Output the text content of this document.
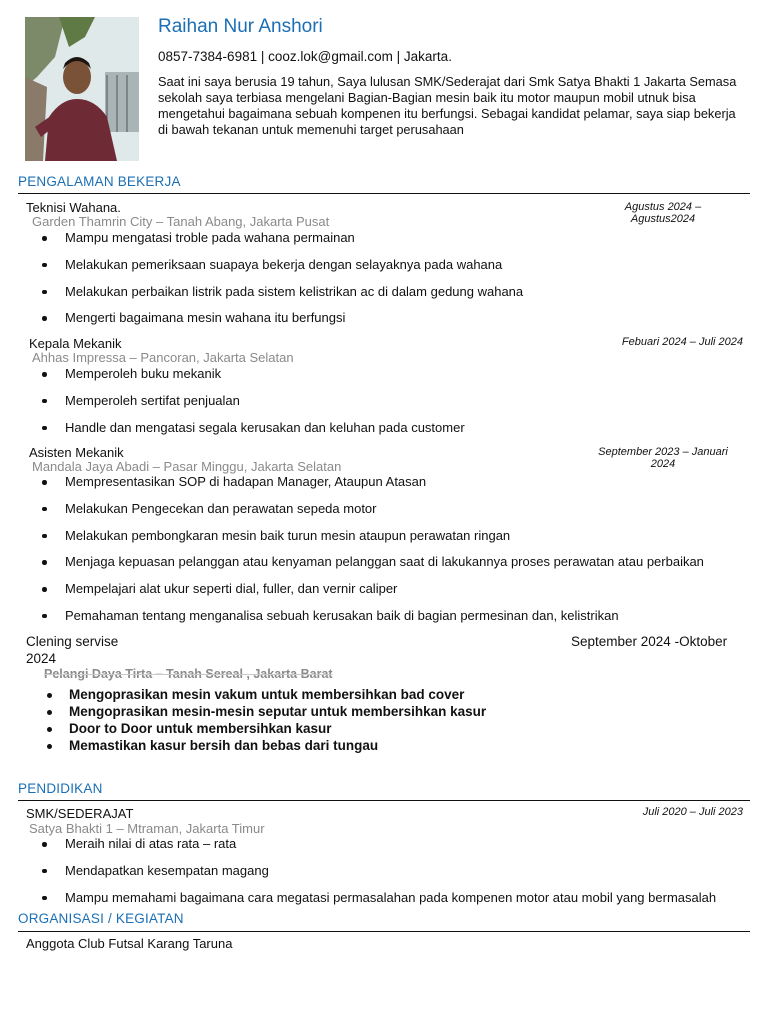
Raihan Nur Anshori
0857-7384-6981 | cooz.lok@gmail.com | Jakarta.
Saat ini saya berusia 19 tahun, Saya lulusan SMK/Sederajat dari Smk Satya Bhakti 1 Jakarta Semasa sekolah saya terbiasa mengelani Bagian-Bagian mesin baik itu motor maupun mobil utnuk bisa mengetahui bagaimana sebuah kompenen itu berfungsi. Sebagai kandidat pelamar, saya siap bekerja di bawah tekanan untuk memenuhi target perusahaan
PENGALAMAN BEKERJA
Teknisi Wahana.	Agustus 2024 –
Agustus2024
Garden Thamrin City – Tanah Abang, Jakarta Pusat
Mampu mengatasi troble pada wahana permainan
Melakukan pemeriksaan suapaya bekerja dengan selayaknya pada wahana
Melakukan perbaikan listrik pada sistem kelistrikan ac di dalam gedung wahana
Mengerti bagaimana mesin wahana itu berfungsi
Kepala Mekanik	Febuari 2024 – Juli 2024
Ahhas Impressa – Pancoran, Jakarta Selatan
Memperoleh buku mekanik
Memperoleh sertifat penjualan
Handle dan mengatasi segala kerusakan dan keluhan pada customer
Asisten Mekanik	September 2023 – Januari
2024
Mandala Jaya Abadi – Pasar Minggu, Jakarta Selatan
Mempresentasikan SOP di hadapan Manager, Ataupun Atasan
Melakukan Pengecekan dan perawatan sepeda motor
Melakukan pembongkaran mesin baik turun mesin ataupun perawatan ringan
Menjaga kepuasan pelanggan atau kenyaman pelanggan saat di lakukannya proses perawatan atau perbaikan
Mempelajari alat ukur seperti dial, fuller, dan vernir caliper
Pemahaman tentang menganalisa sebuah kerusakan baik di bagian permesinan dan, kelistrikan
Clening servise	September 2024 -Oktober
2024
Pelangi Daya Tirta – Tanah Sereal , Jakarta Barat
Mengoprasikan mesin vakum untuk membersihkan bad cover
Mengoprasikan mesin-mesin seputar untuk membersihkan kasur
Door to Door untuk membersihkan kasur
Memastikan kasur bersih dan bebas dari tungau
PENDIDIKAN
SMK/SEDERAJAT	Juli 2020 – Juli 2023
Satya Bhakti 1 – Mtraman, Jakarta Timur
Meraih nilai di atas rata – rata
Mendapatkan kesempatan magang
Mampu memahami bagaimana cara megatasi permasalahan pada kompenen motor atau mobil yang bermasalah
ORGANISASI / KEGIATAN
Anggota Club Futsal Karang Taruna
